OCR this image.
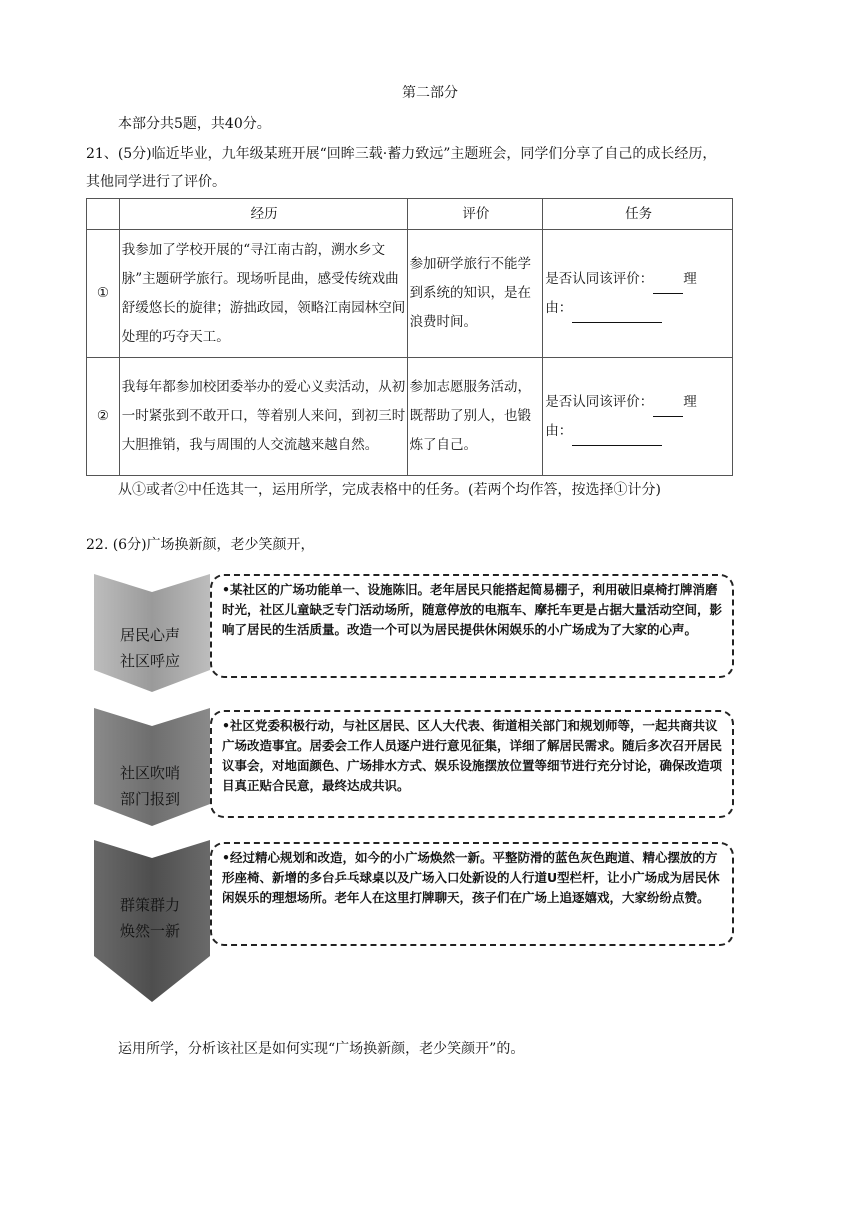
第二部分
本部分共5题，共40分。
21、(5分)临近毕业，九年级某班开展“回眸三载·蓄力致远”主题班会，同学们分享了自己的成长经历，
其他同学进行了评价。
	经历	评价	任务
①	我参加了学校开展的“寻江南古韵，溯水乡文脉”主题研学旅行。现场听昆曲，感受传统戏曲舒缓悠长的旋律；游拙政园，领略江南园林空间处理的巧夺天工。	参加研学旅行不能学到系统的知识，是在浪费时间。	是否认同该评价： 理
由：
②	我每年都参加校团委举办的爱心义卖活动，从初一时紧张到不敢开口，等着别人来问，到初三时大胆推销，我与周围的人交流越来越自然。	参加志愿服务活动，既帮助了别人，也锻炼了自己。	是否认同该评价： 理
由：
从①或者②中任选其一，运用所学，完成表格中的任务。(若两个均作答，按选择①计分)
22. (6分)广场换新颜，老少笑颜开，
居民心声
社区呼应
•某社区的广场功能单一、设施陈旧。老年居民只能搭起简易棚子，利用破旧桌椅打牌消磨时光，社区儿童缺乏专门活动场所，随意停放的电瓶车、摩托车更是占据大量活动空间，影响了居民的生活质量。改造一个可以为居民提供休闲娱乐的小广场成为了大家的心声。
社区吹哨
部门报到
•社区党委积极行动，与社区居民、区人大代表、街道相关部门和规划师等，一起共商共议广场改造事宜。居委会工作人员逐户进行意见征集，详细了解居民需求。随后多次召开居民议事会，对地面颜色、广场排水方式、娱乐设施摆放位置等细节进行充分讨论，确保改造项目真正贴合民意，最终达成共识。
群策群力
焕然一新
•经过精心规划和改造，如今的小广场焕然一新。平整防滑的蓝色灰色跑道、精心摆放的方形座椅、新增的多台乒乓球桌以及广场入口处新设的人行道U型栏杆，让小广场成为居民休闲娱乐的理想场所。老年人在这里打牌聊天，孩子们在广场上追逐嬉戏，大家纷纷点赞。
运用所学，分析该社区是如何实现“广场换新颜，老少笑颜开”的。
